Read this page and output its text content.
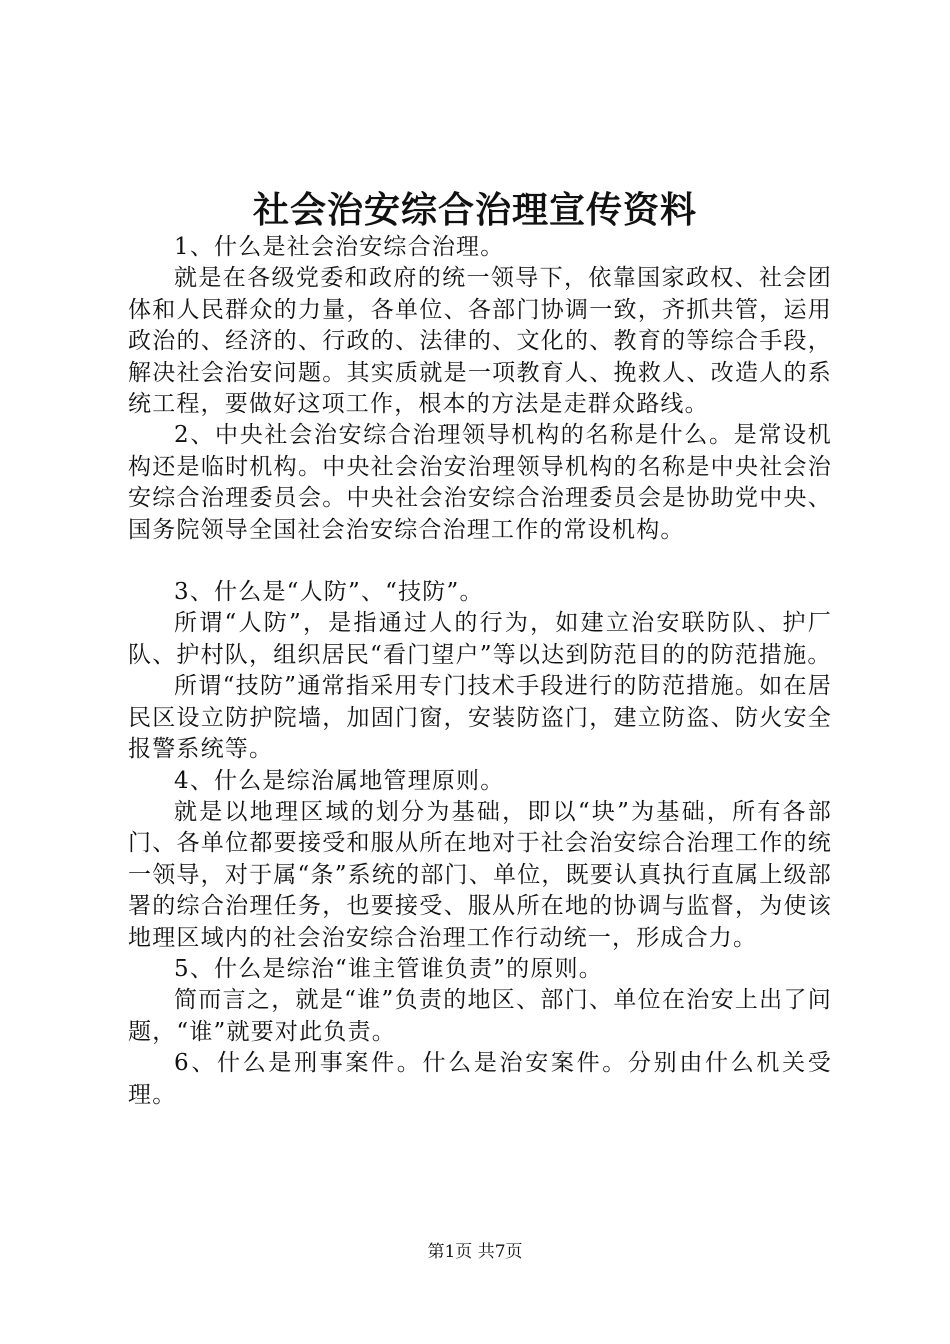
社会治安综合治理宣传资料

1、什么是社会治安综合治理。

就是在各级党委和政府的统一领导下，依靠国家政权、社会团体和人民群众的力量，各单位、各部门协调一致，齐抓共管，运用政治的、经济的、行政的、法律的、文化的、教育的等综合手段，解决社会治安问题。其实质就是一项教育人、挽救人、改造人的系统工程，要做好这项工作，根本的方法是走群众路线。

2、中央社会治安综合治理领导机构的名称是什么。是常设机构还是临时机构。中央社会治安治理领导机构的名称是中央社会治安综合治理委员会。中央社会治安综合治理委员会是协助党中央、国务院领导全国社会治安综合治理工作的常设机构。

3、什么是“人防”、“技防”。

所谓“人防”，是指通过人的行为，如建立治安联防队、护厂队、护村队，组织居民“看门望户”等以达到防范目的的防范措施。

所谓“技防”通常指采用专门技术手段进行的防范措施。如在居民区设立防护院墙，加固门窗，安装防盗门，建立防盗、防火安全报警系统等。

4、什么是综治属地管理原则。

就是以地理区域的划分为基础，即以“块”为基础，所有各部门、各单位都要接受和服从所在地对于社会治安综合治理工作的统一领导，对于属“条”系统的部门、单位，既要认真执行直属上级部署的综合治理任务，也要接受、服从所在地的协调与监督，为使该地理区域内的社会治安综合治理工作行动统一，形成合力。

5、什么是综治“谁主管谁负责”的原则。

简而言之，就是“谁”负责的地区、部门、单位在治安上出了问题，“谁”就要对此负责。

6、什么是刑事案件。什么是治安案件。分别由什么机关受理。

第1页 共7页
